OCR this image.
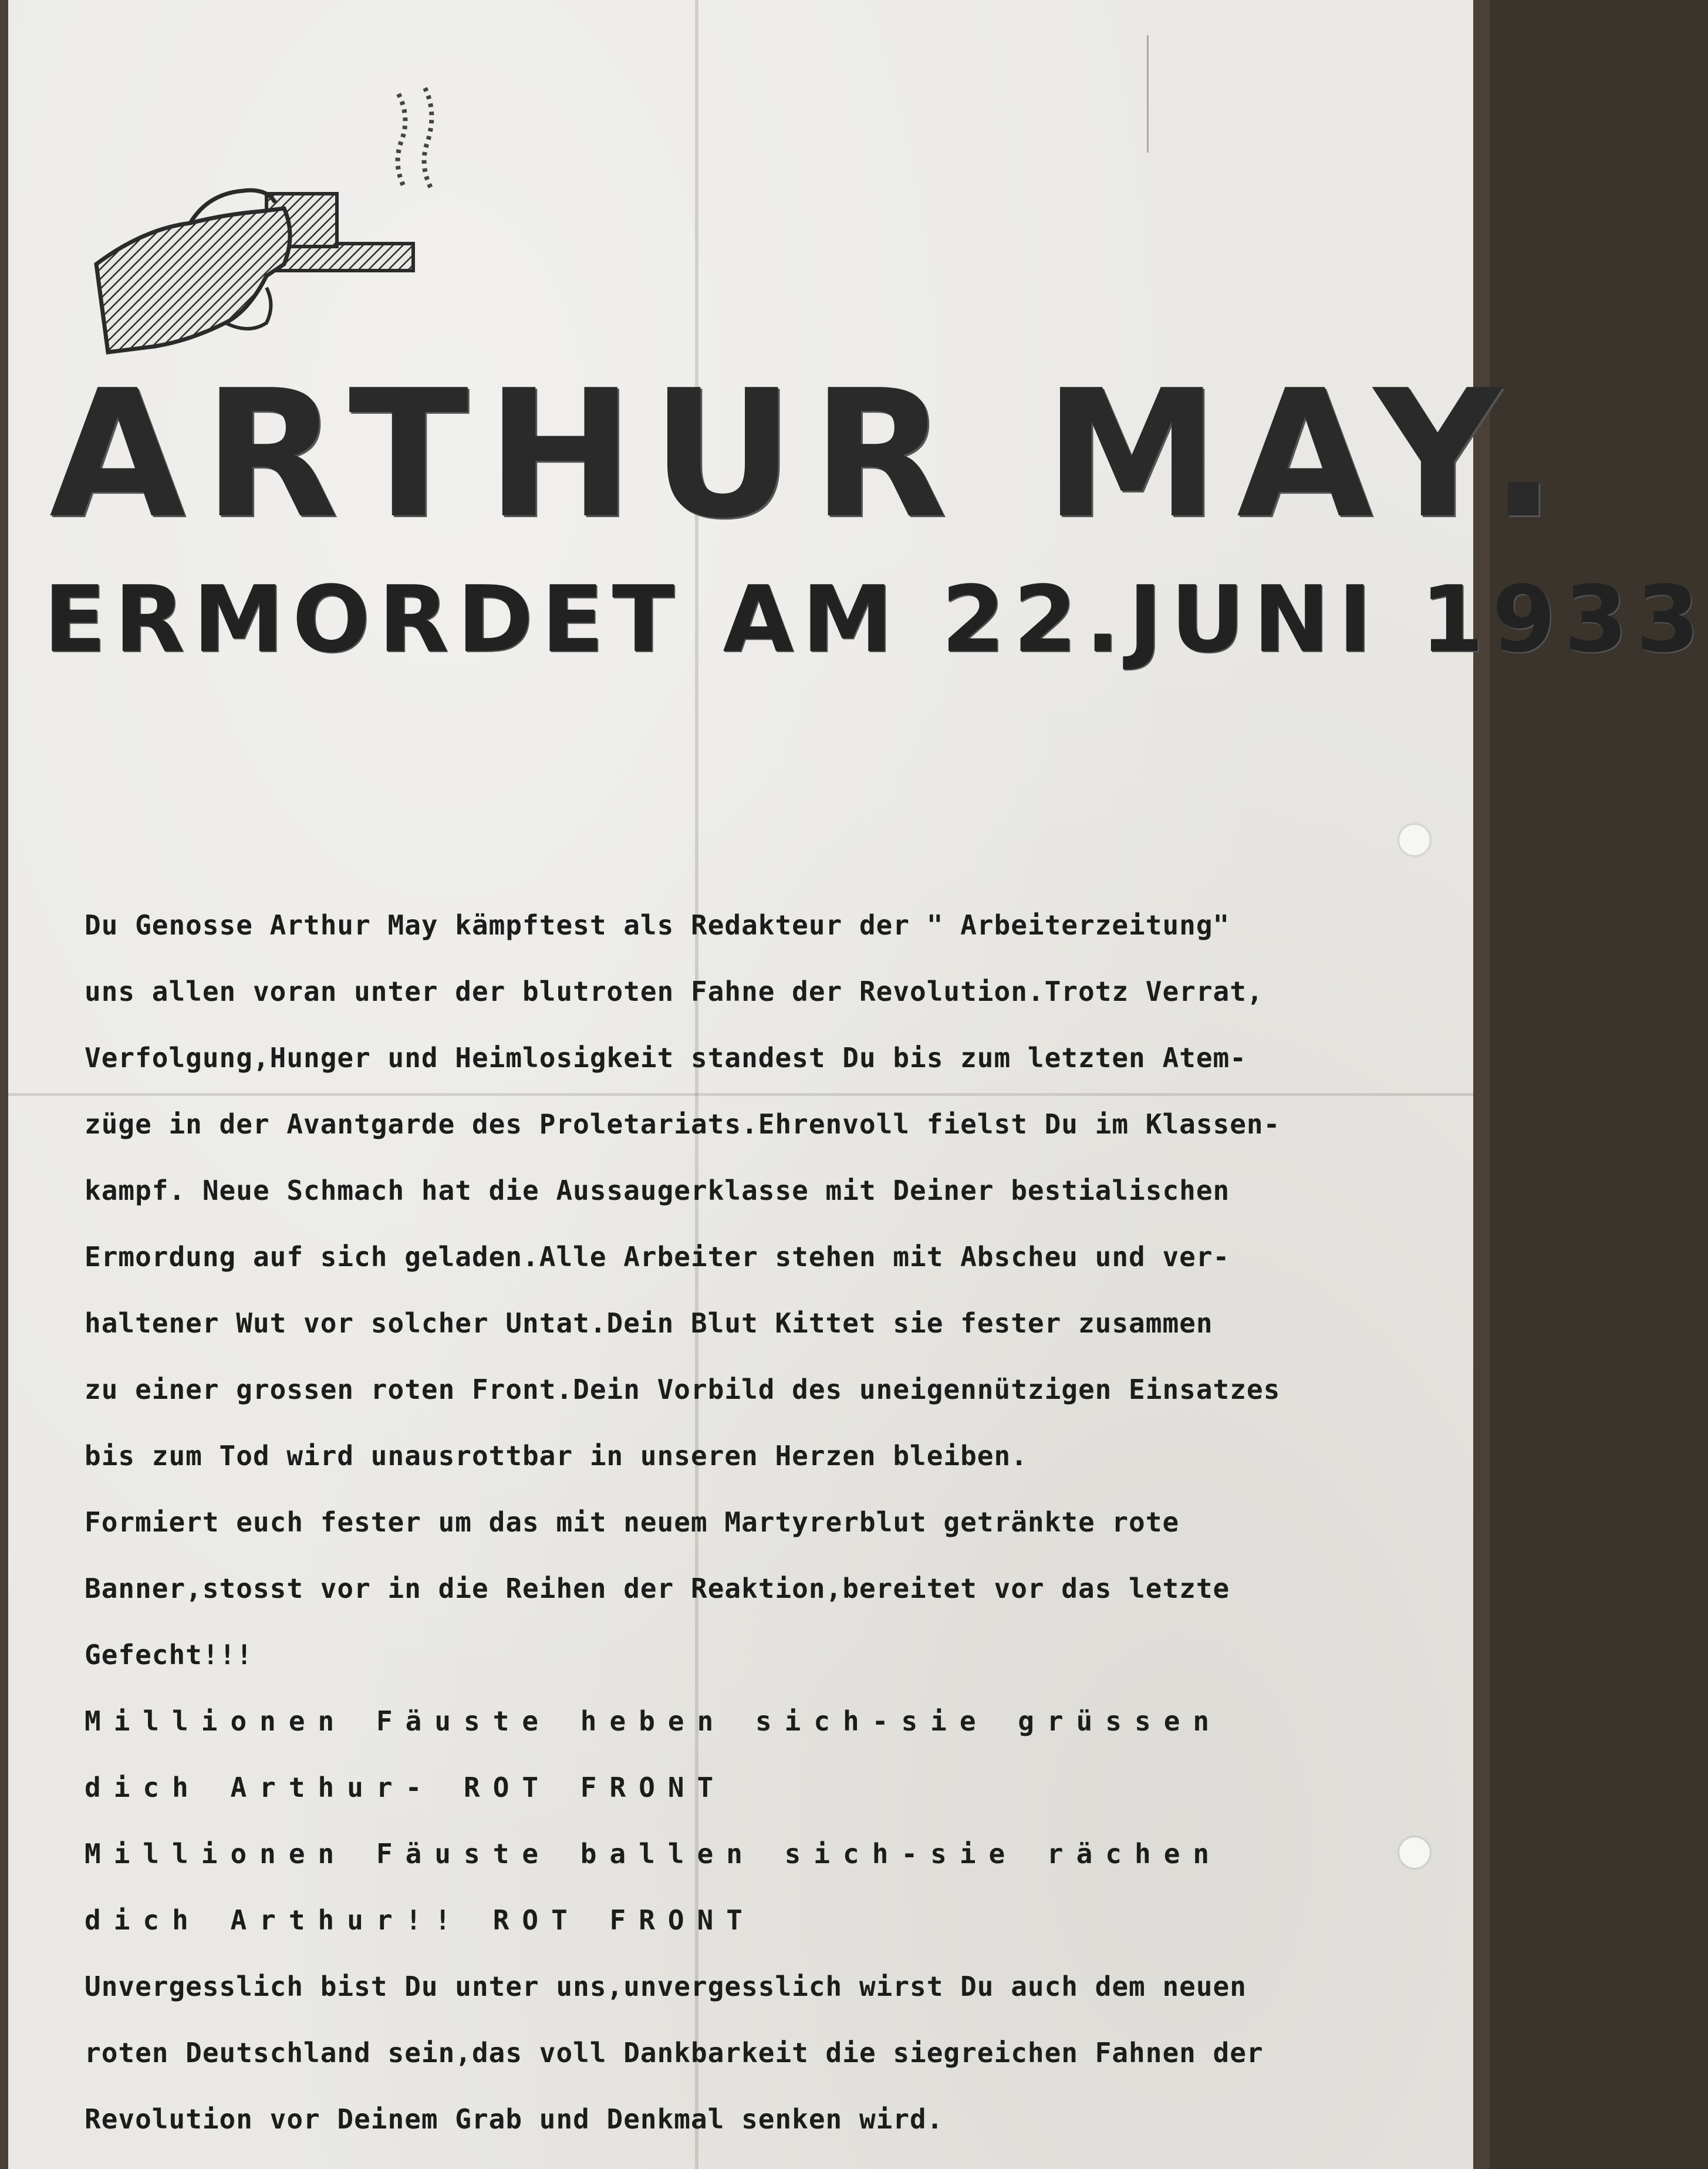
ARTHUR MAY.
ERMORDET AM 22.JUNI 1933
Du Genosse Arthur May kämpftest als Redakteur der " Arbeiterzeitung"
uns allen voran unter der blutroten Fahne der Revolution.Trotz Verrat,
Verfolgung,Hunger und Heimlosigkeit standest Du bis zum letzten Atem-
züge in der Avantgarde des Proletariats.Ehrenvoll fielst Du im Klassen-
kampf. Neue Schmach hat die Aussaugerklasse mit Deiner bestialischen
Ermordung auf sich geladen.Alle Arbeiter stehen mit Abscheu und ver-
haltener Wut vor solcher Untat.Dein Blut Kittet sie fester zusammen
zu einer grossen roten Front.Dein Vorbild des uneigennützigen Einsatzes
bis zum Tod wird unausrottbar in unseren Herzen bleiben.
Formiert euch fester um das mit neuem Martyrerblut getränkte rote
Banner,stosst vor in die Reihen der Reaktion,bereitet vor das letzte
Gefecht!!!
Millionen Fäuste heben sich-sie grüssen
dich Arthur- ROT FRONT
Millionen Fäuste ballen sich-sie rächen
dich Arthur!! ROT FRONT
Unvergesslich bist Du unter uns,unvergesslich wirst Du auch dem neuen
roten Deutschland sein,das voll Dankbarkeit die siegreichen Fahnen der
Revolution vor Deinem Grab und Denkmal senken wird.
